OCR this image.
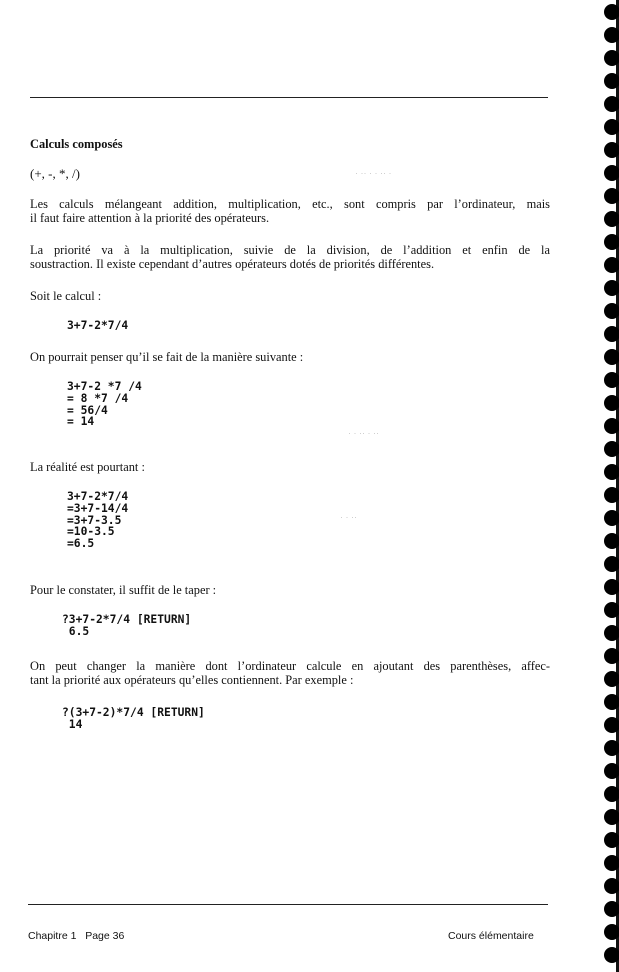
Calculs composés
(+, -, *, /)
Les calculs mélangeant addition, multiplication, etc., sont compris par l’ordinateur, mais
il faut faire attention à la priorité des opérateurs.
La priorité va à la multiplication, suivie de la division, de l’addition et enfin de la
soustraction. Il existe cependant d’autres opérateurs dotés de priorités différentes.
Soit le calcul :
3+7-2*7/4
On pourrait penser qu’il se fait de la manière suivante :
3+7-2 *7 /4
= 8 *7 /4
= 56/4
= 14
La réalité est pourtant :
3+7-2*7/4
=3+7-14/4
=3+7-3.5
=10-3.5
=6.5
Pour le constater, il suffit de le taper :
?3+7-2*7/4 [RETURN]
6.5
On peut changer la manière dont l’ordinateur calcule en ajoutant des parenthèses, affec-
tant la priorité aux opérateurs qu’elles contiennent. Par exemple :
?(3+7-2)*7/4 [RETURN]
14
Chapitre 1   Page 36	Cours élémentaire
· ·· · · ·· ·
· · ·· · ··
· · ··
